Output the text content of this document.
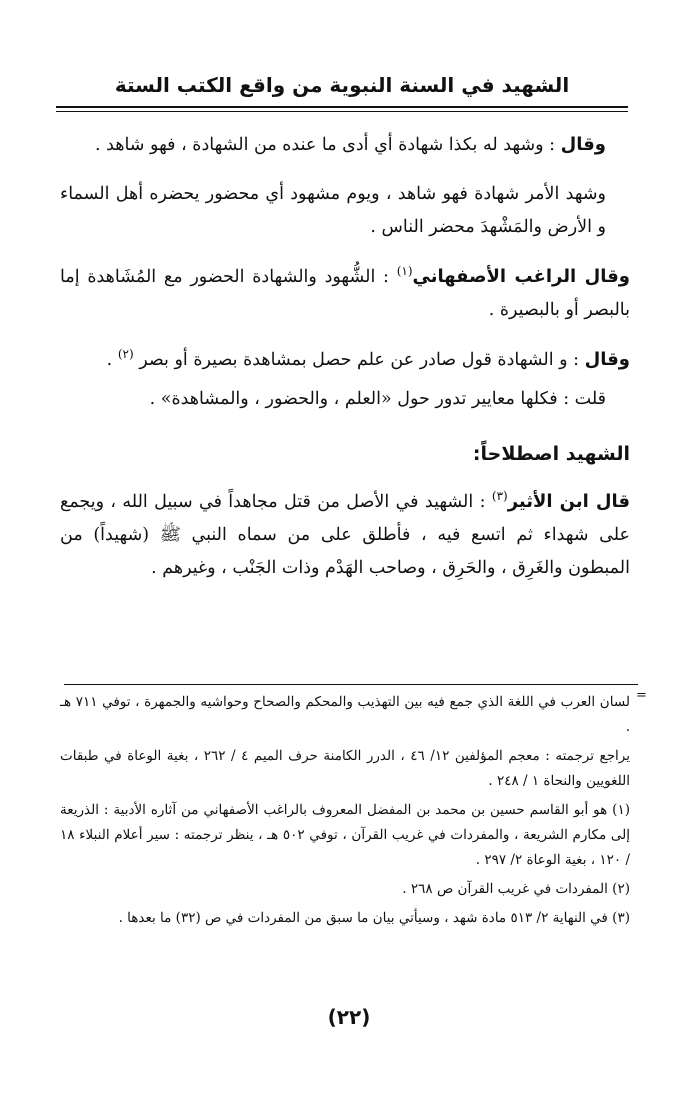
الشهيد في السنة النبوية من واقع الكتب الستة

وقال : وشهد له بكذا شهادة أي أدى ما عنده من الشهادة ، فهو شاهد .

وشهد الأمر شهادة فهو شاهد ، ويوم مشهود أي محضور يحضره أهل السماء و الأرض والمَشْهدَ محضر الناس .

وقال الراغب الأصفهاني$^{(١)}$ : الشُّهود والشهادة الحضور مع المُشَاهدة إما بالبصر أو بالبصيرة .

وقال : و الشهادة قول صادر عن علم حصل بمشاهدة بصيرة أو بصر $^{(٢)}$ .

قلت : فكلها معايير تدور حول «العلم ، والحضور ، والمشاهدة» .

الشهيد اصطلاحاً:

قال ابن الأثير$^{(٣)}$ : الشهيد في الأصل من قتل مجاهداً في سبيل الله ، ويجمع على شهداء ثم اتسع فيه ، فأطلق على من سماه النبي ﷺ (شهيداً) من المبطون والغَرِق ، والحَرِق ، وصاحب الهَدْم وذات الجَنْب ، وغيرهم .

=

لسان العرب في اللغة الذي جمع فيه بين التهذيب والمحكم والصحاح وحواشيه والجمهرة ، توفي ٧١١ هـ .

يراجع ترجمته : معجم المؤلفين ١٢/ ٤٦ ، الدرر الكامنة حرف الميم ٤ / ٢٦٢ ، بغية الوعاة في طبقات اللغويين والنحاة ١ / ٢٤٨ .

(١) هو أبو القاسم حسين بن محمد بن المفضل المعروف بالراغب الأصفهاني من آثاره الأدبية : الذريعة إلى مكارم الشريعة ، والمفردات في غريب القرآن ، توفي ٥٠٢ هـ ، ينظر ترجمته : سير أعلام النبلاء ١٨ / ١٢٠ ، بغية الوعاة ٢/ ٢٩٧ .

(٢) المفردات في غريب القرآن ص ٢٦٨ .

(٣) في النهاية ٢/ ٥١٣ مادة شهد ، وسيأتي بيان ما سبق من المفردات في ص (٣٢) ما بعدها .

(٢٢)
